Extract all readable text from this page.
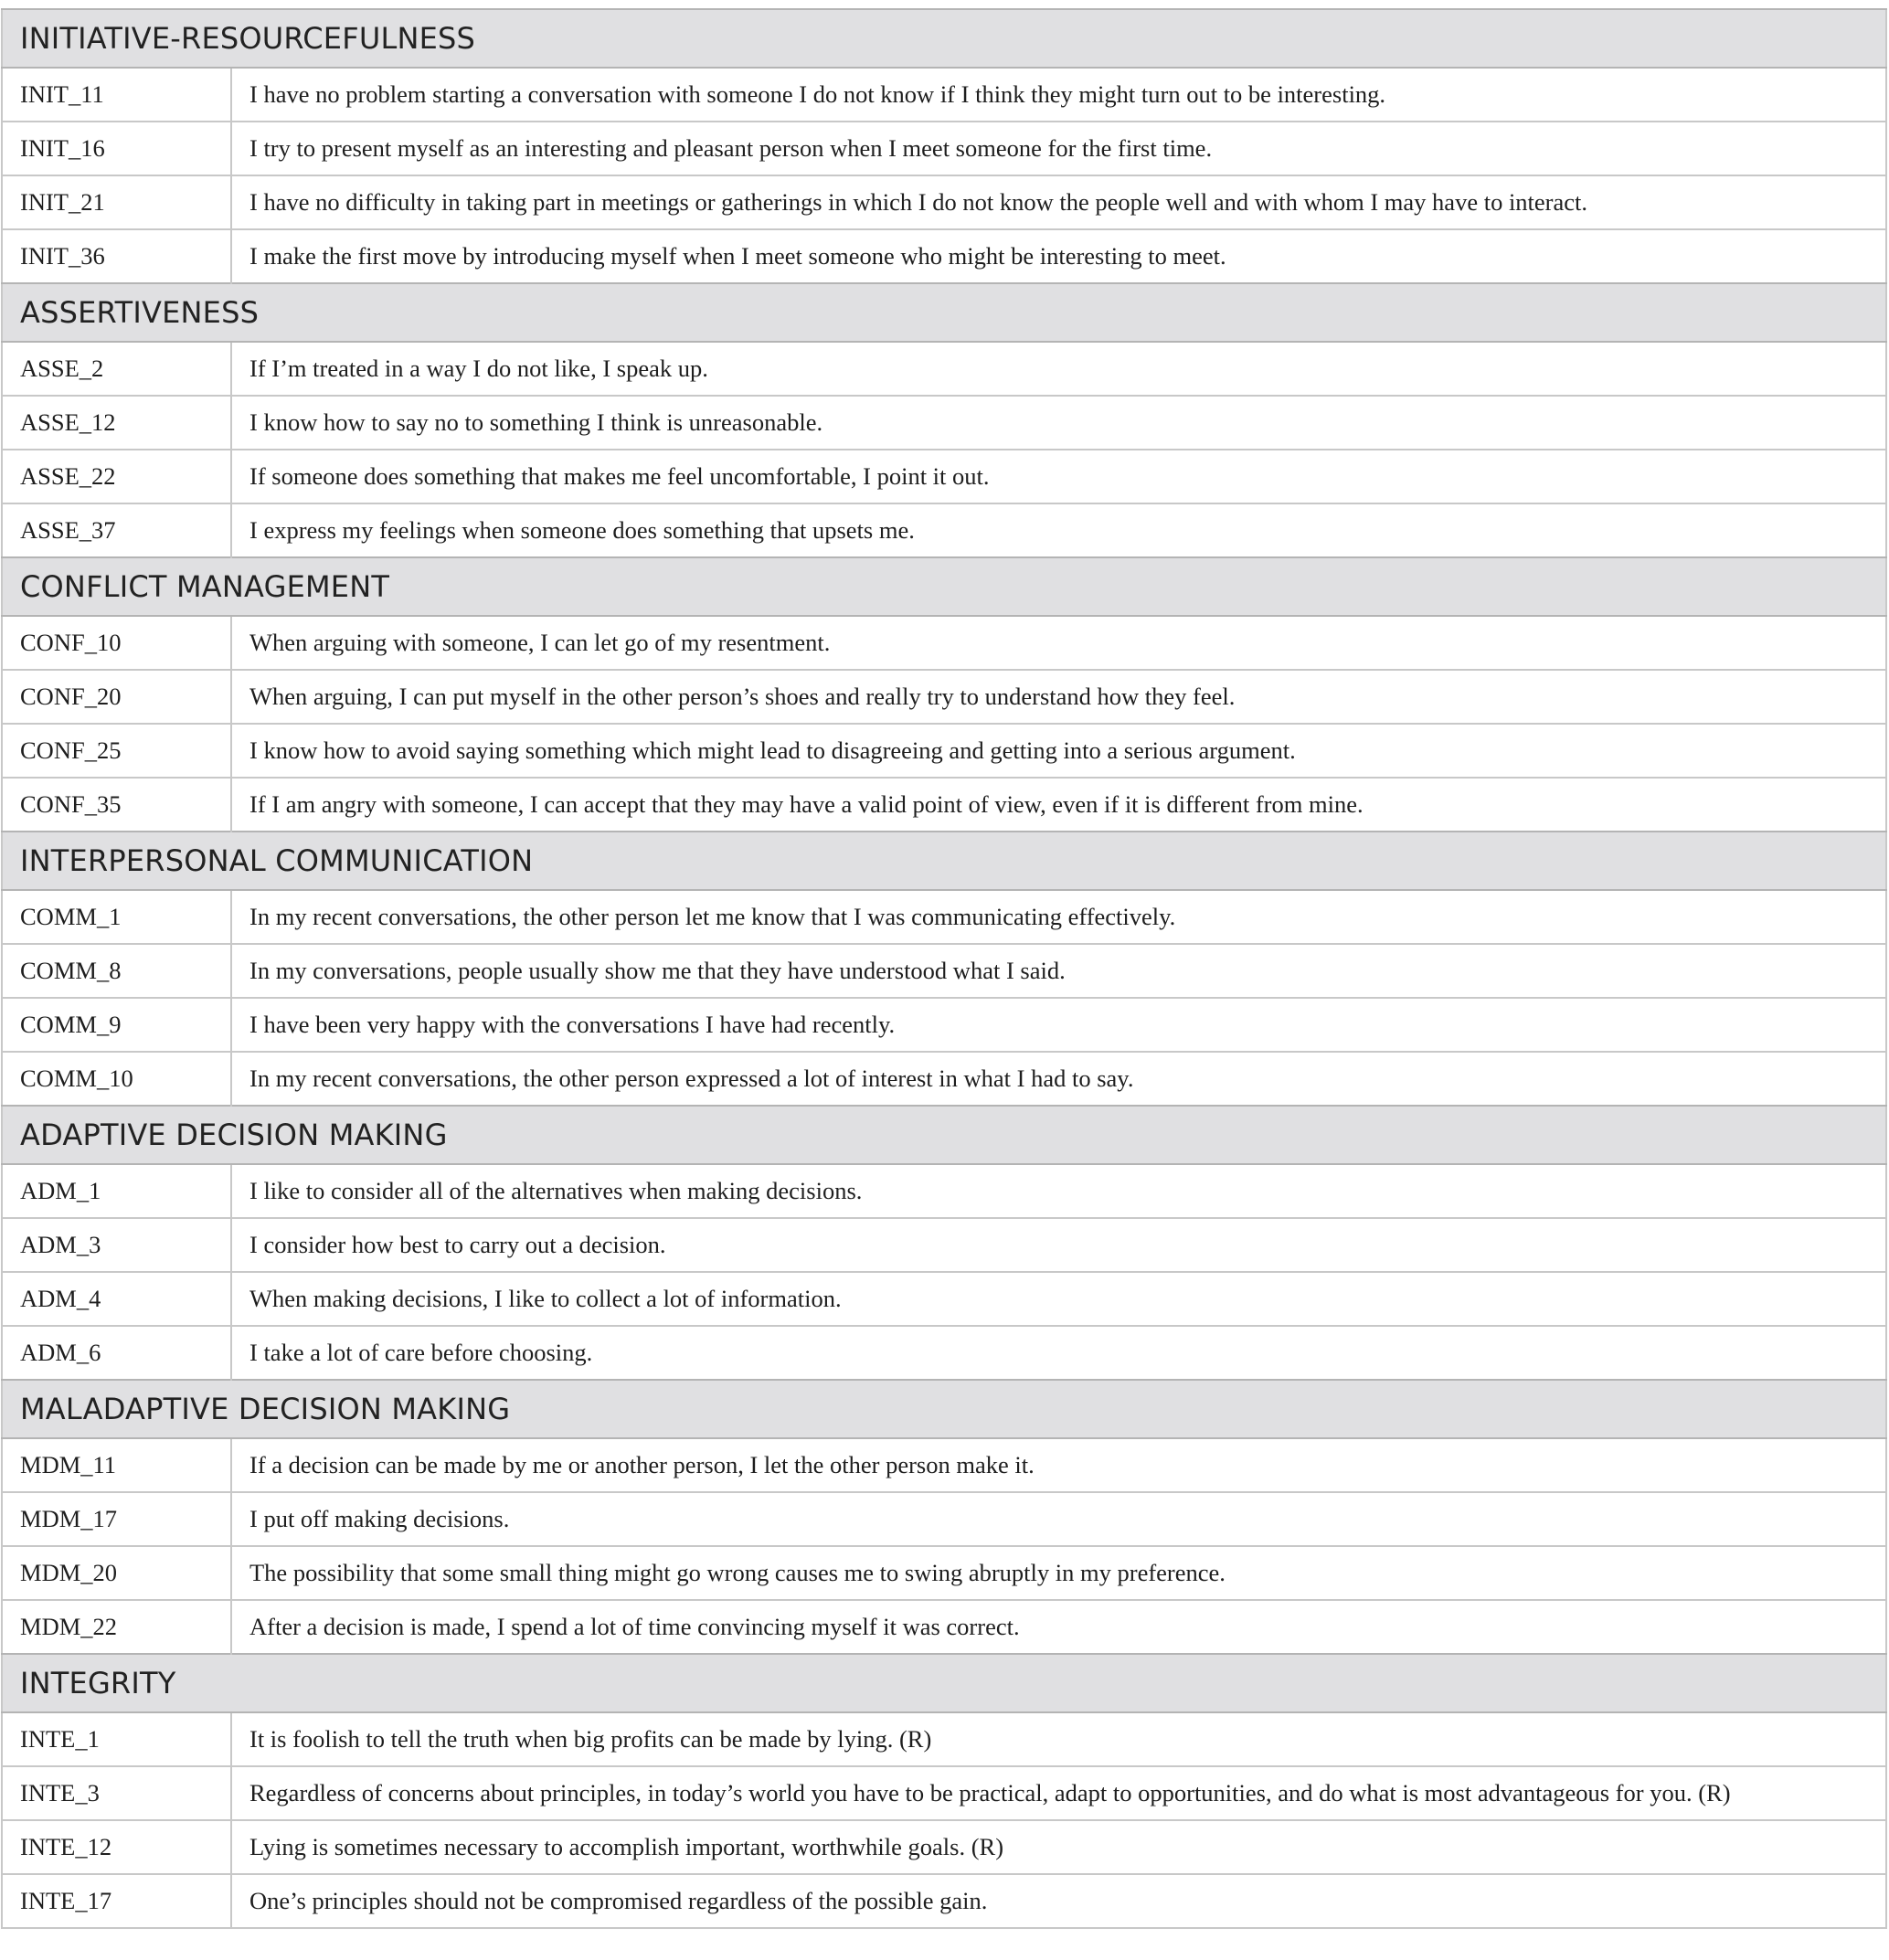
INITIATIVE-RESOURCEFULNESS	
INIT_11	I have no problem starting a conversation with someone I do not know if I think they might turn out to be interesting.
INIT_16	I try to present myself as an interesting and pleasant person when I meet someone for the first time.
INIT_21	I have no difficulty in taking part in meetings or gatherings in which I do not know the people well and with whom I may have to interact.
INIT_36	I make the first move by introducing myself when I meet someone who might be interesting to meet.
ASSERTIVENESS	
ASSE_2	If I’m treated in a way I do not like, I speak up.
ASSE_12	I know how to say no to something I think is unreasonable.
ASSE_22	If someone does something that makes me feel uncomfortable, I point it out.
ASSE_37	I express my feelings when someone does something that upsets me.
CONFLICT MANAGEMENT	
CONF_10	When arguing with someone, I can let go of my resentment.
CONF_20	When arguing, I can put myself in the other person’s shoes and really try to understand how they feel.
CONF_25	I know how to avoid saying something which might lead to disagreeing and getting into a serious argument.
CONF_35	If I am angry with someone, I can accept that they may have a valid point of view, even if it is different from mine.
INTERPERSONAL COMMUNICATION	
COMM_1	In my recent conversations, the other person let me know that I was communicating effectively.
COMM_8	In my conversations, people usually show me that they have understood what I said.
COMM_9	I have been very happy with the conversations I have had recently.
COMM_10	In my recent conversations, the other person expressed a lot of interest in what I had to say.
ADAPTIVE DECISION MAKING	
ADM_1	I like to consider all of the alternatives when making decisions.
ADM_3	I consider how best to carry out a decision.
ADM_4	When making decisions, I like to collect a lot of information.
ADM_6	I take a lot of care before choosing.
MALADAPTIVE DECISION MAKING	
MDM_11	If a decision can be made by me or another person, I let the other person make it.
MDM_17	I put off making decisions.
MDM_20	The possibility that some small thing might go wrong causes me to swing abruptly in my preference.
MDM_22	After a decision is made, I spend a lot of time convincing myself it was correct.
INTEGRITY	
INTE_1	It is foolish to tell the truth when big profits can be made by lying. (R)
INTE_3	Regardless of concerns about principles, in today’s world you have to be practical, adapt to opportunities, and do what is most advantageous for you. (R)
INTE_12	Lying is sometimes necessary to accomplish important, worthwhile goals. (R)
INTE_17	One’s principles should not be compromised regardless of the possible gain.
